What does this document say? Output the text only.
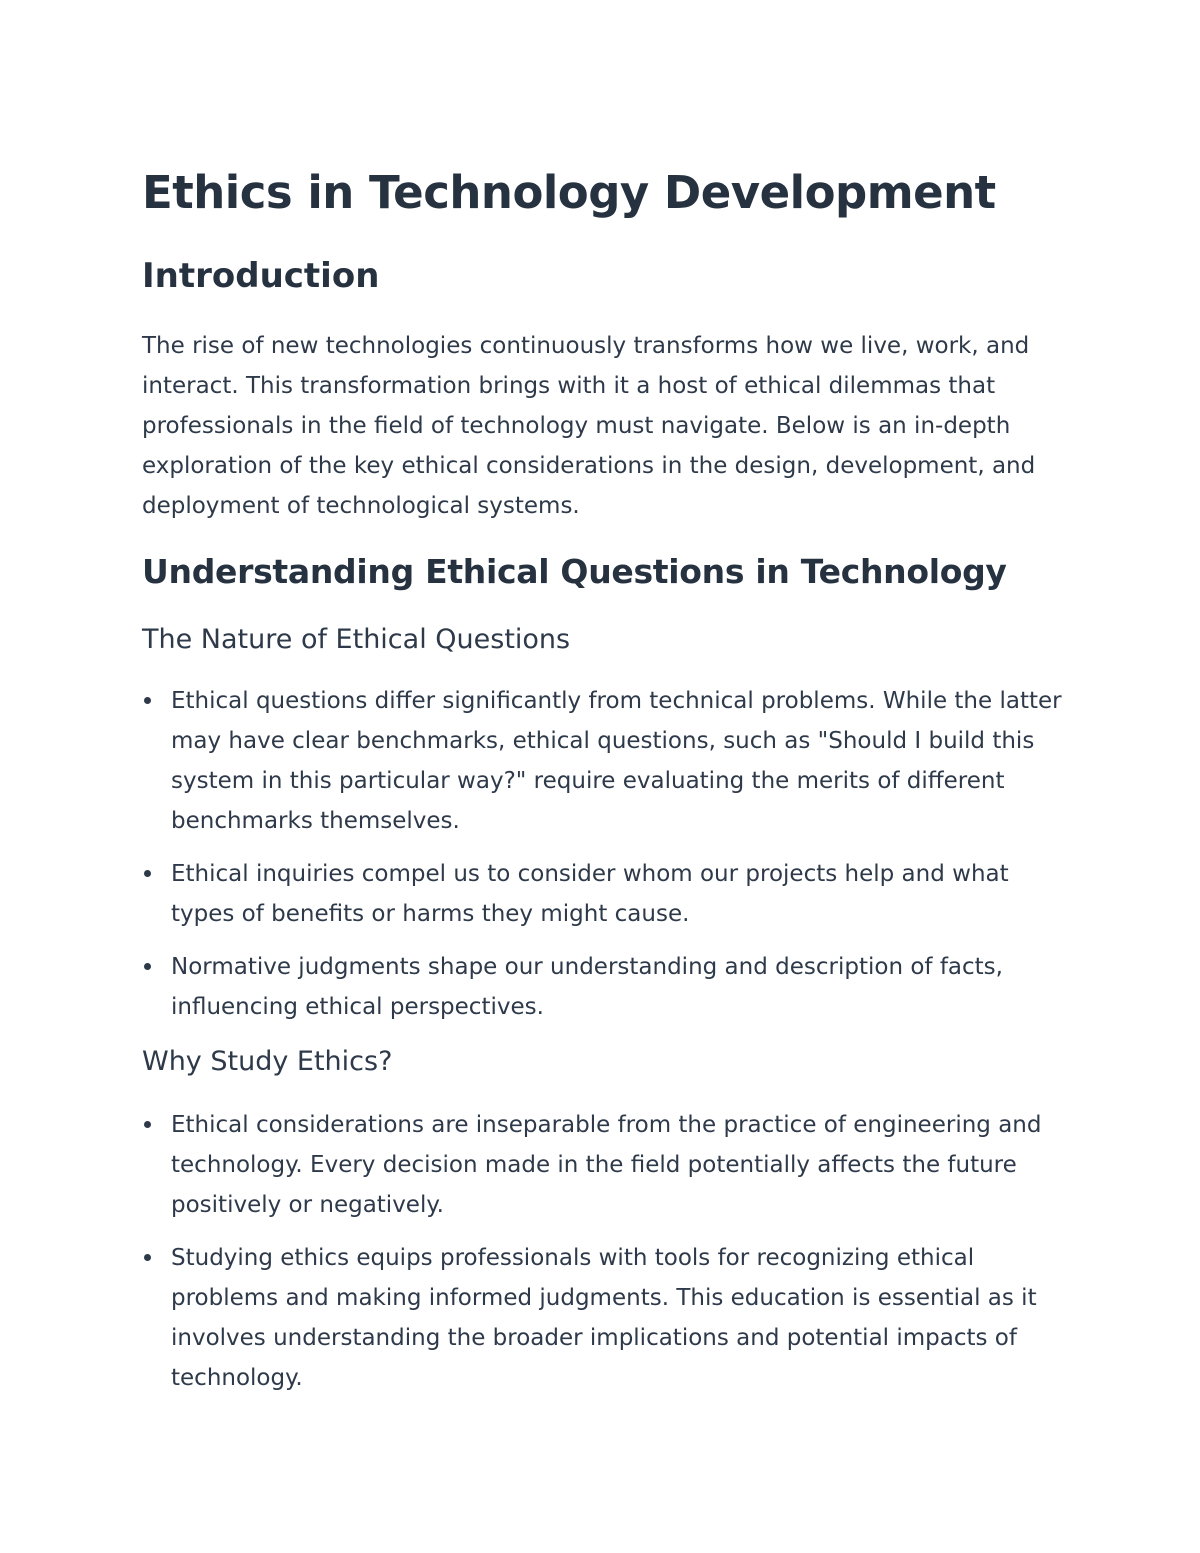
Ethics in Technology Development
Introduction

The rise of new technologies continuously transforms how we live, work, and interact. This transformation brings with it a host of ethical dilemmas that professionals in the field of technology must navigate. Below is an in-depth exploration of the key ethical considerations in the design, development, and deployment of technological systems.

Understanding Ethical Questions in Technology
The Nature of Ethical Questions
Ethical questions differ significantly from technical problems. While the latter may have clear benchmarks, ethical questions, such as "Should I build this system in this particular way?" require evaluating the merits of different benchmarks themselves.
Ethical inquiries compel us to consider whom our projects help and what types of benefits or harms they might cause.
Normative judgments shape our understanding and description of facts, influencing ethical perspectives.
Why Study Ethics?
Ethical considerations are inseparable from the practice of engineering and technology. Every decision made in the field potentially affects the future positively or negatively.
Studying ethics equips professionals with tools for recognizing ethical problems and making informed judgments. This education is essential as it involves understanding the broader implications and potential impacts of technology.
